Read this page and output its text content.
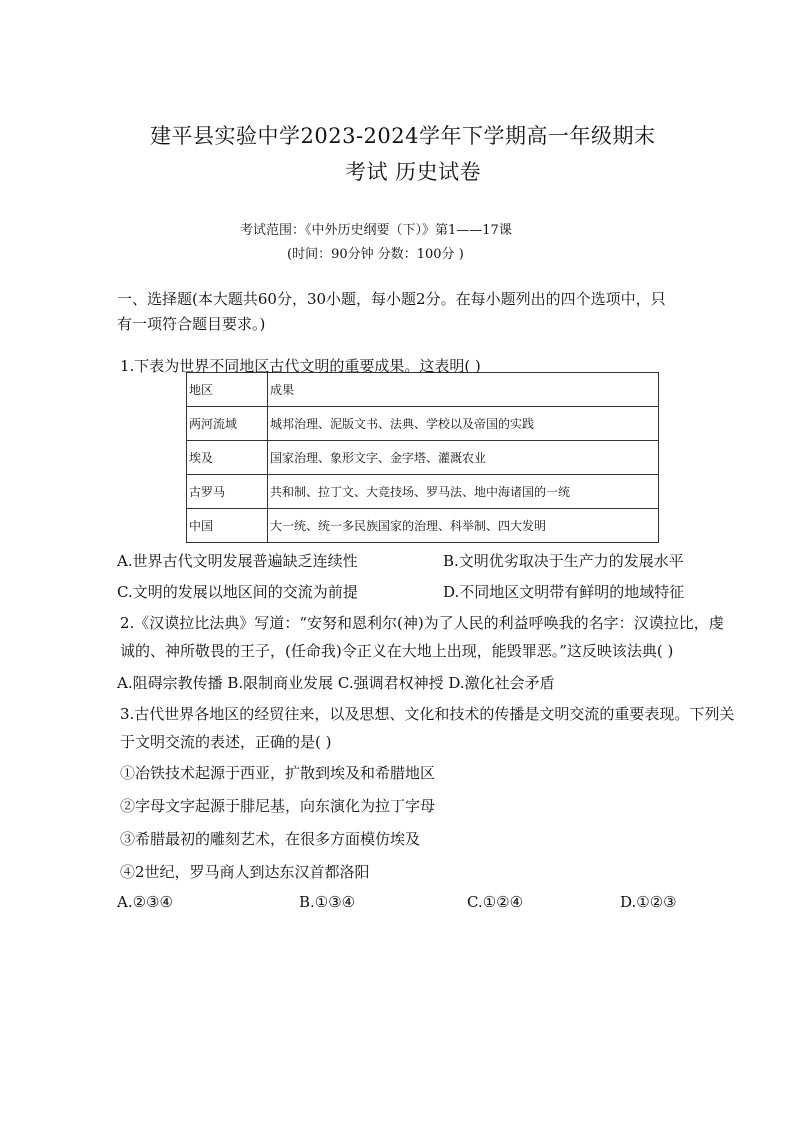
建平县实验中学2023-2024学年下学期高一年级期末
考试 历史试卷
考试范围：《中外历史纲要（下）》第1——17课
(时间：90分钟 分数：100分 )
一、选择题(本大题共60分，30小题，每小题2分。在每小题列出的四个选项中，只
有一项符合题目要求。)
1.下表为世界不同地区古代文明的重要成果。这表明( )
地区	成果
两河流域	城邦治理、泥版文书、法典、学校以及帝国的实践
埃及	国家治理、象形文字、金字塔、灌溉农业
古罗马	共和制、拉丁文、大竞技场、罗马法、地中海诸国的一统
中国	大一统、统一多民族国家的治理、科举制、四大发明
A.世界古代文明发展普遍缺乏连续性	B.文明优劣取决于生产力的发展水平
C.文明的发展以地区间的交流为前提	D.不同地区文明带有鲜明的地域特征
2.《汉谟拉比法典》写道：“安努和恩利尔(神)为了人民的利益呼唤我的名字：汉谟拉比，虔
诚的、神所敬畏的王子，(任命我)令正义在大地上出现，能毁罪恶。”这反映该法典( )
A.阻碍宗教传播 B.限制商业发展 C.强调君权神授 D.激化社会矛盾
3.古代世界各地区的经贸往来，以及思想、文化和技术的传播是文明交流的重要表现。下列关
于文明交流的表述，正确的是( )
①冶铁技术起源于西亚，扩散到埃及和希腊地区
②字母文字起源于腓尼基，向东演化为拉丁字母
③希腊最初的雕刻艺术，在很多方面模仿埃及
④2世纪，罗马商人到达东汉首都洛阳
A.②③④	B.①③④	C.①②④	D.①②③
